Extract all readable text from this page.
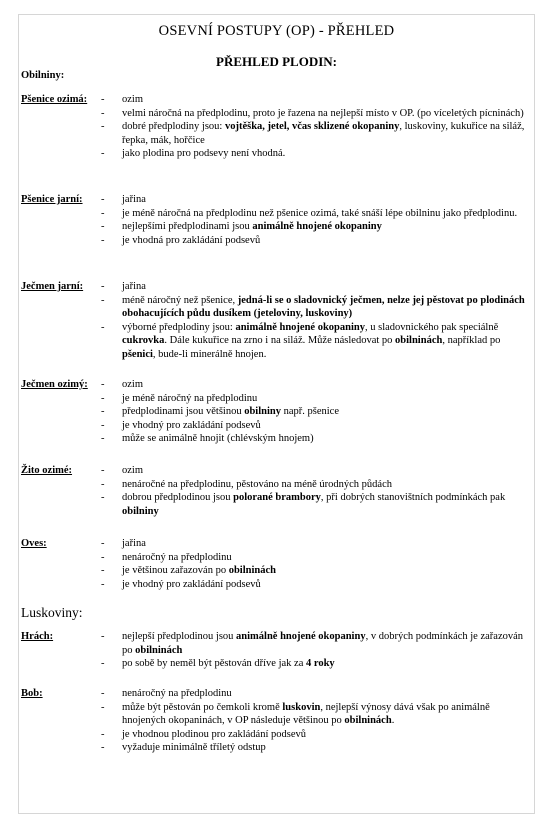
OSEVNÍ POSTUPY (OP) - PŘEHLED
PŘEHLED PLODIN:
Obilniny:
Pšenice ozimá:	- ozim
- velmi náročná na předplodinu, proto je řazena na nejlepší místo v OP. (po víceletých pícninách)
- dobré předplodiny jsou: vojtěška, jetel, včas sklizené okopaniny, luskoviny, kukuřice na siláž, řepka, mák, hořčice
- jako plodina pro podsevy není vhodná.
Pšenice jarní:	- jařina
- je méně náročná na předplodinu než pšenice ozimá, také snáší lépe obilninu jako předplodinu.
- nejlepšími předplodinami jsou animálně hnojené okopaniny
- je vhodná pro zakládání podsevů
Ječmen jarní:	- jařina
- méně náročný než pšenice, jedná-li se o sladovnický ječmen, nelze jej pěstovat po plodinách obohacujících půdu dusíkem (jeteloviny, luskoviny)
- výborné předplodiny jsou: animálně hnojené okopaniny, u sladovnického pak speciálně cukrovka. Dále kukuřice na zrno i na siláž. Může následovat po obilninách, například po pšenici, bude-li minerálně hnojen.
Ječmen ozimý:	- ozim
- je méně náročný na předplodinu
- předplodinami jsou většinou obilniny např. pšenice
- je vhodný pro zakládání podsevů
- může se animálně hnojit (chlévským hnojem)
Žito ozimé:	- ozim
- nenáročné na předplodinu, pěstováno na méně úrodných půdách
- dobrou předplodinou jsou polorané brambory, při dobrých stanovištních podmínkách pak obilniny
Oves:	- jařina
- nenáročný na předplodinu
- je většinou zařazován po obilninách
- je vhodný pro zakládání podsevů
Luskoviny:
Hrách:	- nejlepší předplodinou jsou animálně hnojené okopaniny, v dobrých podmínkách je zařazován po obilninách
- po sobě by neměl být pěstován dříve jak za 4 roky
Bob:	- nenáročný na předplodinu
- může být pěstován po čemkoli kromě luskovin, nejlepší výnosy dává však po animálně hnojených okopaninách, v OP následuje většinou po obilninách.
- je vhodnou plodinou pro zakládání podsevů
- vyžaduje minimálně tříletý odstup
